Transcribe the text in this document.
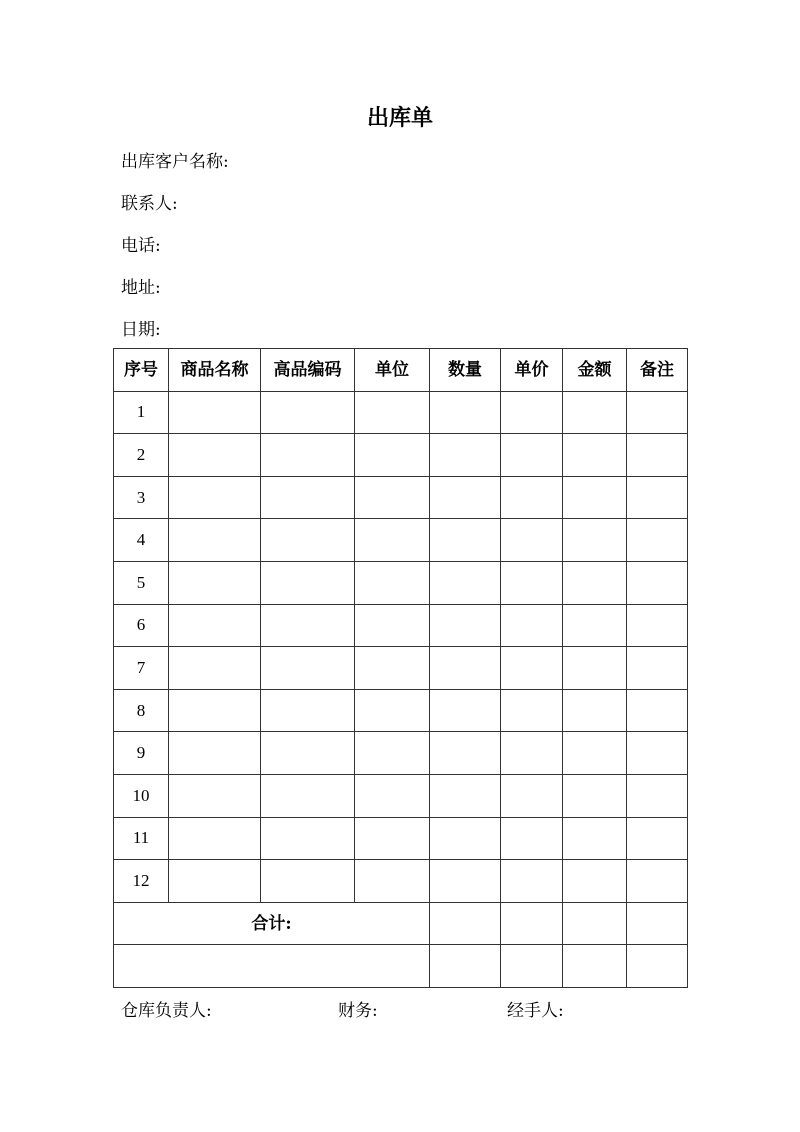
出库单
出库客户名称:
联系人:
电话:
地址:
日期:
序号	商品名称	高品编码	单位	数量	单价	金额	备注
1							
2							
3							
4							
5							
6							
7							
8							
9							
10							
11							
12							
合计:							

仓库负责人:	财务:	经手人:
